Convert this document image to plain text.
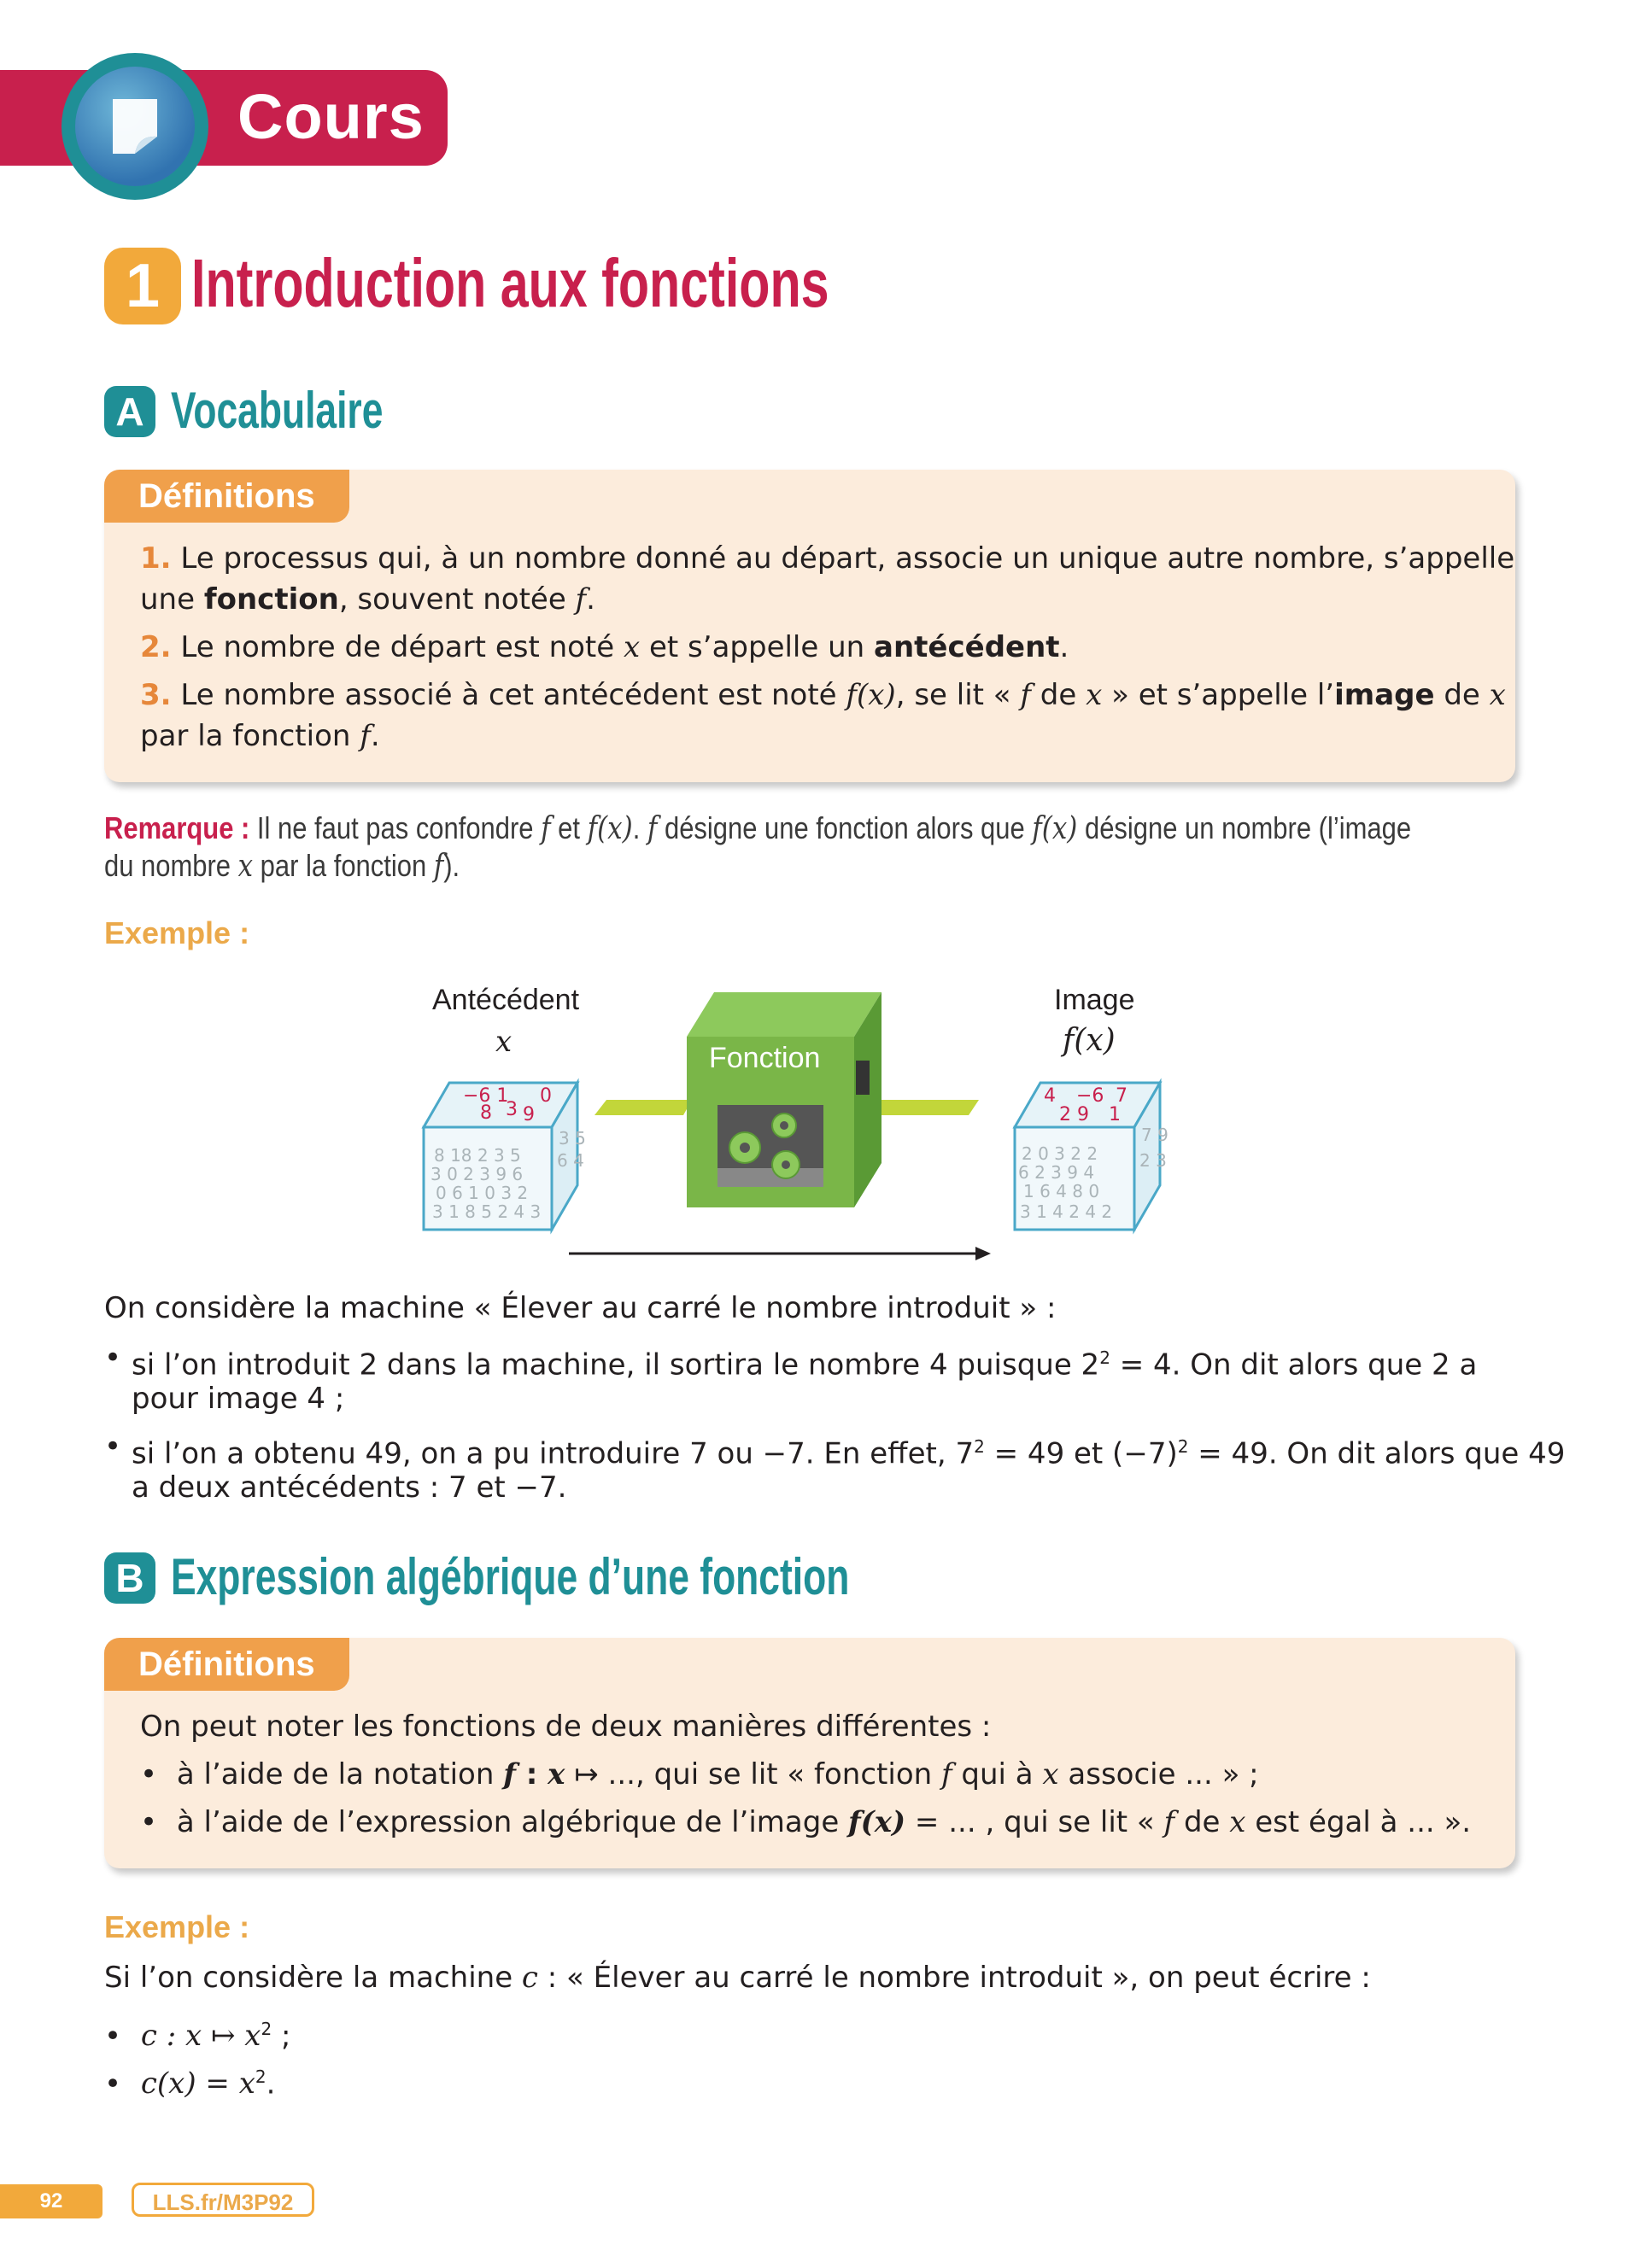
Cours
1 Introduction aux fonctions
A Vocabulaire
Définitions
1. Le processus qui, à un nombre donné au départ, associe un unique autre nombre, s’appelle
une fonction, souvent notée f.
2. Le nombre de départ est noté x et s’appelle un antécédent.
3. Le nombre associé à cet antécédent est noté f(x), se lit « f de x » et s’appelle l’image de x
par la fonction f.
Remarque : Il ne faut pas confondre f et f(x). f désigne une fonction alors que f(x) désigne un nombre (l’image
du nombre x par la fonction f).
Exemple :
8 18 2 3 5
3 0 2 3 9 6
0 6 1 0 3 2
3 1 8 5 2 4 3
3 5
6 4
−6 1 0
8 3 9
2 0 3 2 2
6 2 3 9 4
1 6 4 8 0
3 1 4 2 4 2
7 9
2 3
4 −6 7
2 9 1
Antécédent
x	Fonction
Image
f(x)
On considère la machine « Élever au carré le nombre introduit » :
• si l’on introduit 2 dans la machine, il sortira le nombre 4 puisque $2^2 = 4$. On dit alors que 2 a
pour image 4 ;
• si l’on a obtenu 49, on a pu introduire 7 ou −7. En effet, $7^2 = 49$ et $(-7)^2 = 49$. On dit alors que 49
a deux antécédents : 7 et −7.
B Expression algébrique d’une fonction
Définitions
On peut noter les fonctions de deux manières différentes :
• à l’aide de la notation f : x ↦ ..., qui se lit « fonction f qui à x associe ... » ;
• à l’aide de l’expression algébrique de l’image f(x) = ... , qui se lit « f de x est égal à ... ».
Exemple :
Si l’on considère la machine c : « Élever au carré le nombre introduit », on peut écrire :
• c : x ↦ $x^2$ ;
• $c(x) = x^2$.
92	LLS.fr/M3P92
